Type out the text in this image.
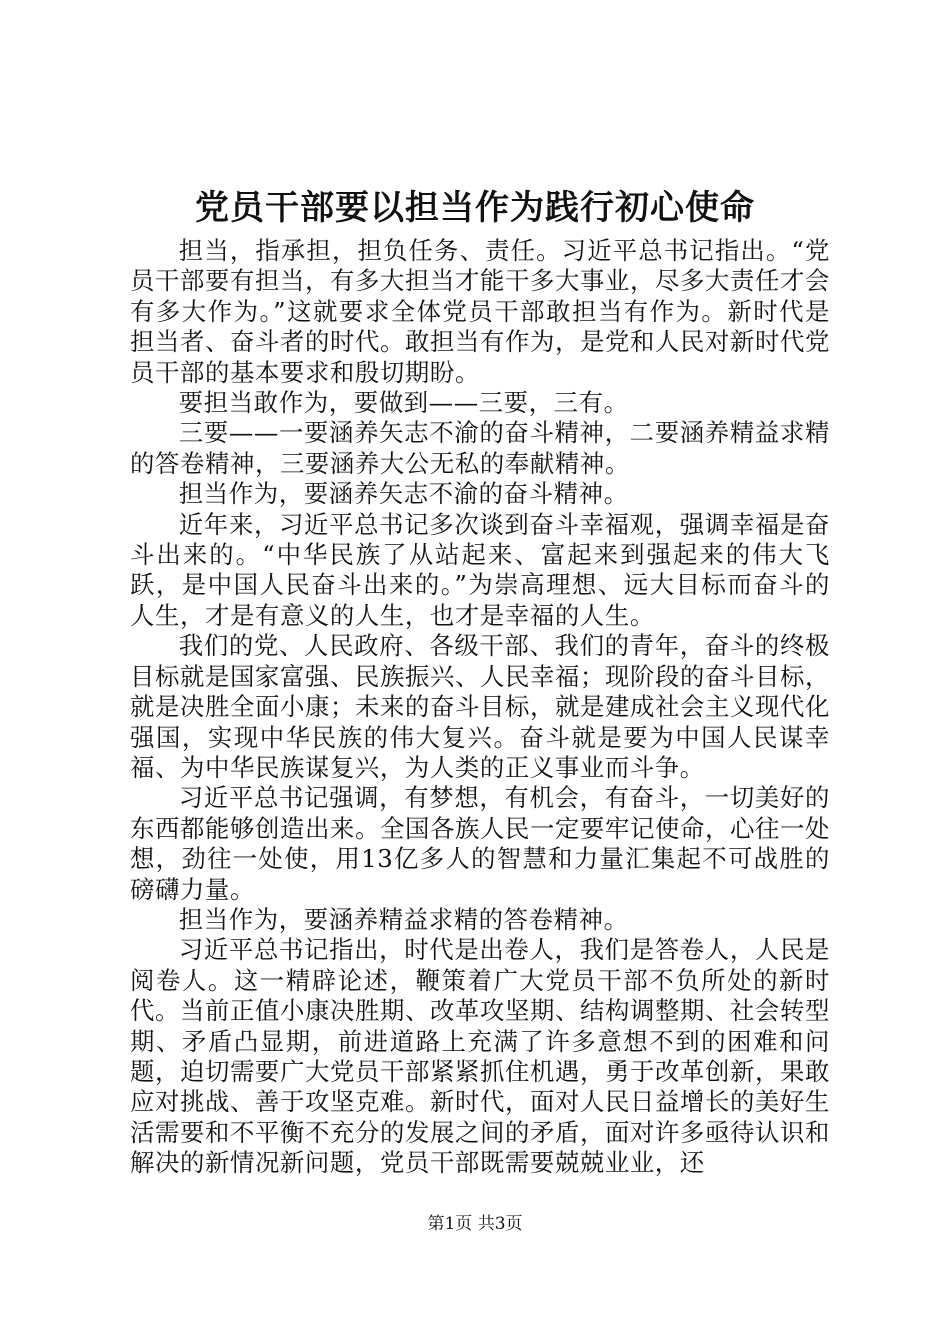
党员干部要以担当作为践行初心使命

担当，指承担，担负任务、责任。习近平总书记指出。“党员干部要有担当，有多大担当才能干多大事业，尽多大责任才会有多大作为。”这就要求全体党员干部敢担当有作为。新时代是担当者、奋斗者的时代。敢担当有作为，是党和人民对新时代党员干部的基本要求和殷切期盼。

要担当敢作为，要做到——三要，三有。

三要——一要涵养矢志不渝的奋斗精神，二要涵养精益求精的答卷精神，三要涵养大公无私的奉献精神。

担当作为，要涵养矢志不渝的奋斗精神。

近年来，习近平总书记多次谈到奋斗幸福观，强调幸福是奋斗出来的。“中华民族了从站起来、富起来到强起来的伟大飞跃，是中国人民奋斗出来的。”为崇高理想、远大目标而奋斗的人生，才是有意义的人生，也才是幸福的人生。

我们的党、人民政府、各级干部、我们的青年，奋斗的终极目标就是国家富强、民族振兴、人民幸福；现阶段的奋斗目标，就是决胜全面小康；未来的奋斗目标，就是建成社会主义现代化强国，实现中华民族的伟大复兴。奋斗就是要为中国人民谋幸福、为中华民族谋复兴，为人类的正义事业而斗争。

习近平总书记强调，有梦想，有机会，有奋斗，一切美好的东西都能够创造出来。全国各族人民一定要牢记使命，心往一处想，劲往一处使，用13亿多人的智慧和力量汇集起不可战胜的磅礴力量。

担当作为，要涵养精益求精的答卷精神。

习近平总书记指出，时代是出卷人，我们是答卷人，人民是阅卷人。这一精辟论述，鞭策着广大党员干部不负所处的新时代。当前正值小康决胜期、改革攻坚期、结构调整期、社会转型期、矛盾凸显期，前进道路上充满了许多意想不到的困难和问题，迫切需要广大党员干部紧紧抓住机遇，勇于改革创新，果敢应对挑战、善于攻坚克难。新时代，面对人民日益增长的美好生活需要和不平衡不充分的发展之间的矛盾，面对许多亟待认识和解决的新情况新问题，党员干部既需要兢兢业业，还

第1页 共3页
